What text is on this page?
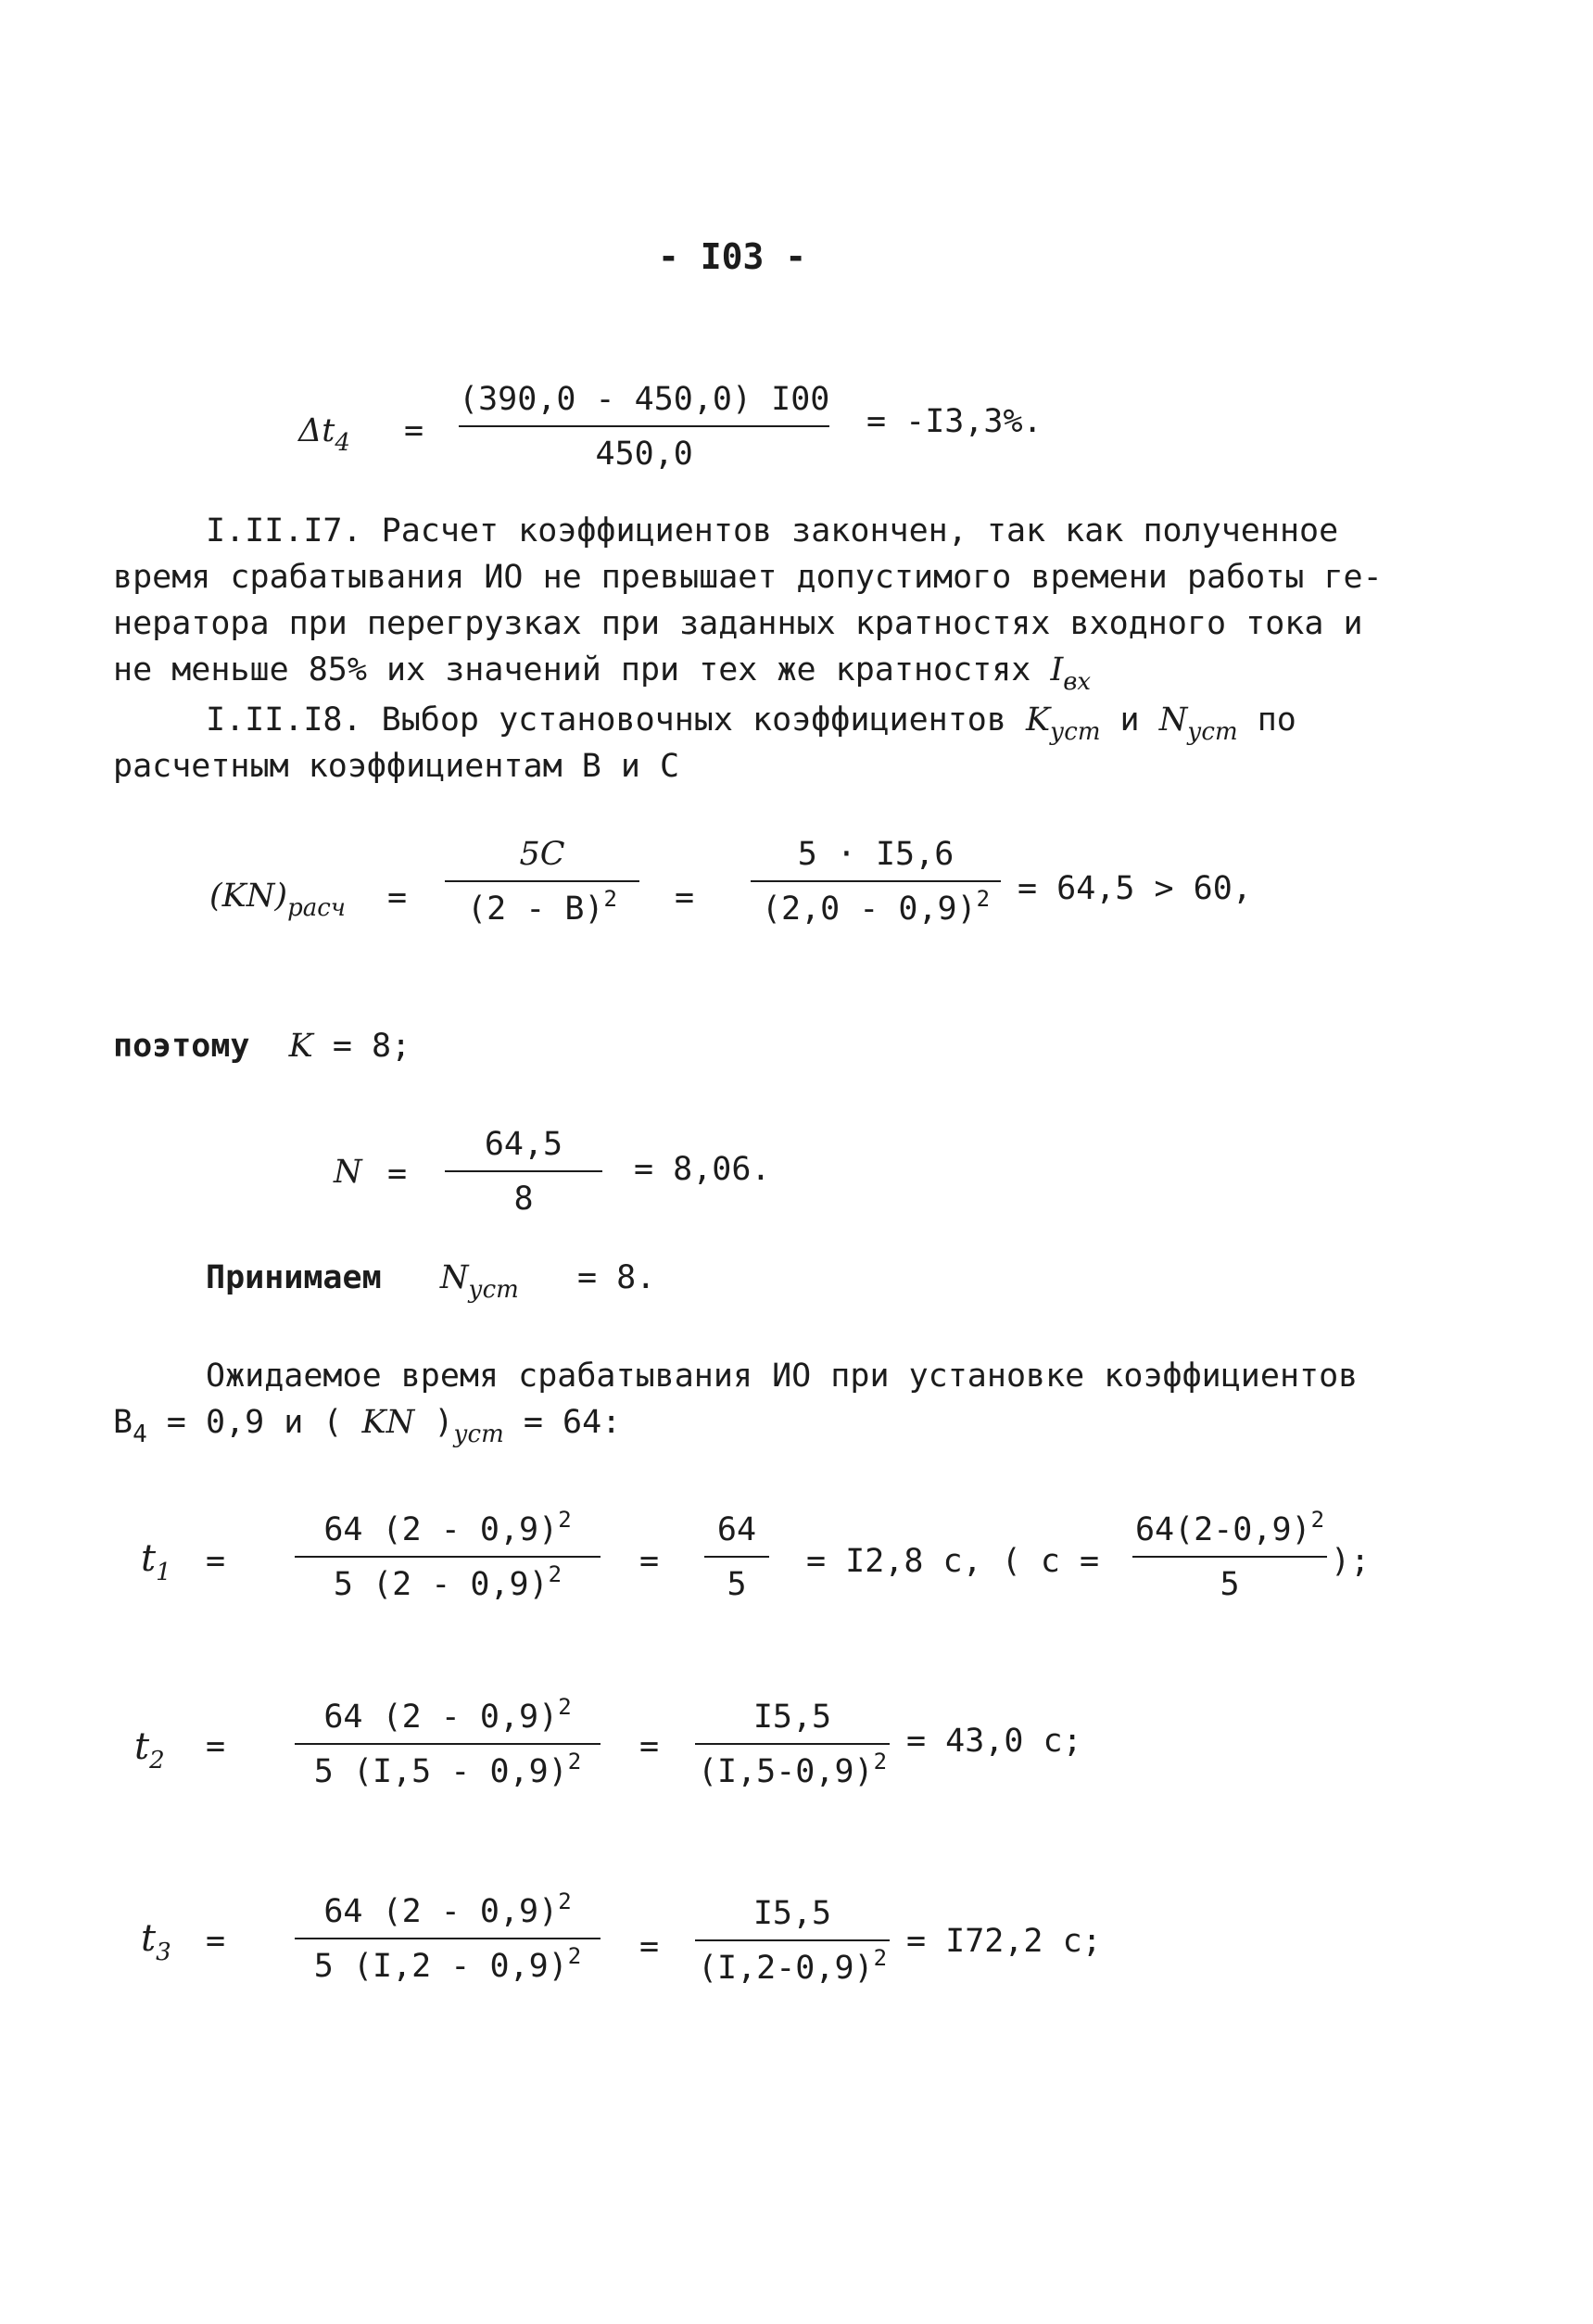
- I03 -
$\Delta t_4$ =
(390,0 - 450,0) I00
450,0
= -I3,3%.
I.II.I7. Расчет коэффициентов закончен, так как полученное
время срабатывания ИО не превышает допустимого времени работы ге-
нератора при перегрузках при заданных кратностях входного тока и
не меньше 85% их значений при тех же кратностях $I_{вх}$
I.II.I8. Выбор установочных коэффициентов $K_{уст}$ и $N_{уст}$ по
расчетным коэффициентам В и С
$(KN)_{расч}$ =
5C
(2 - B)$^2$ =
5 · I5,6
(2,0 - 0,9)$^2$ = 64,5 > 60,
поэтому K = 8;
N =
64,5
8
= 8,06.
Принимаем $N_{уст} = 8$.
Ожидаемое время срабатывания ИО при установке коэффициентов
$В_4 = 0,9$ и ( KN )$_{уст} = 64$:
$t_1$ =
64 (2 - 0,9)$^2$
5 (2 - 0,9)$^2$ =
64
5
= I2,8 c, ( c =
$64(2-0,9)^2$
5
);
$t_2$ =
64 (2 - 0,9)$^2$
5 (I,5 - 0,9)$^2$ =
I5,5
$(I,5-0,9)^2$
= 43,0 c;
$t_3$ =
64 (2 - 0,9)$^2$
5 (I,2 - 0,9)$^2$ =
I5,5
$(I,2-0,9)^2 = I72,2$ c;
